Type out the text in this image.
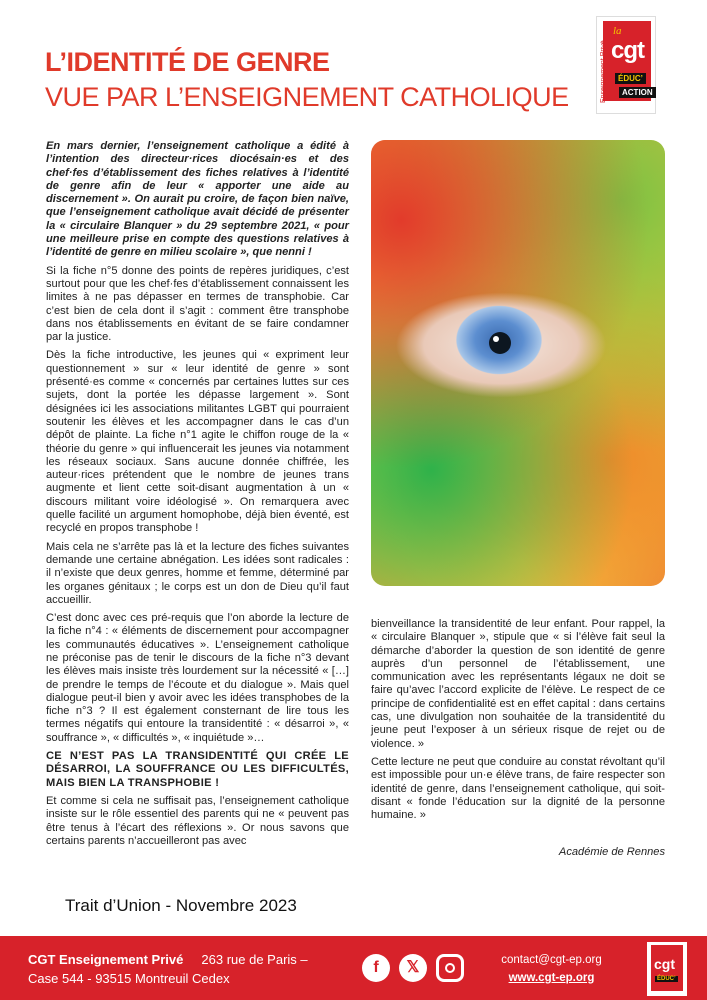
L’IDENTITÉ DE GENRE
VUE PAR L’ENSEIGNEMENT CATHOLIQUE	Enseignement Privé
la
cgt
ÉDUC’
ACTION

En mars dernier, l’enseignement catholique a édité à l’intention des directeur·rices diocésain·es et des chef·fes d’établissement des fiches relatives à l’identité de genre afin de leur « apporter une aide au discernement ». On aurait pu croire, de façon bien naïve, que l’enseignement catholique avait décidé de présenter la « circulaire Blanquer » du 29 septembre 2021, « pour une meilleure prise en compte des questions relatives à l’identité de genre en milieu scolaire », que nenni !

Si la fiche n°5 donne des points de repères juridiques, c’est surtout pour que les chef·fes d’établissement connaissent les limites à ne pas dépasser en termes de transphobie. Car c’est bien de cela dont il s’agit : comment être transphobe dans nos établissements en évitant de se faire condamner par la justice.

Dès la fiche introductive, les jeunes qui « expriment leur questionnement » sur « leur identité de genre » sont présenté·es comme « concernés par certaines luttes sur ces sujets, dont la portée les dépasse largement ». Sont désignées ici les associations militantes LGBT qui pourraient soutenir les élèves et les accompagner dans le cas d’un dépôt de plainte. La fiche n°1 agite le chiffon rouge de la « théorie du genre » qui influencerait les jeunes via notamment les réseaux sociaux. Sans aucune donnée chiffrée, les auteur·rices prétendent que le nombre de jeunes trans augmente et lient cette soit-disant augmentation à un « discours militant voire idéologisé ». On remarquera avec quelle facilité un argument homophobe, déjà bien éventé, est recyclé en propos transphobe !

Mais cela ne s’arrête pas là et la lecture des fiches suivantes demande une certaine abnégation. Les idées sont radicales : il n’existe que deux genres, homme et femme, déterminé par les organes génitaux ; le corps est un don de Dieu qu’il faut accueillir.

C’est donc avec ces pré-requis que l’on aborde la lecture de la fiche n°4 : « éléments de discernement pour accompagner les communautés éducatives ». L’enseignement catholique ne préconise pas de tenir le discours de la fiche n°3 devant les élèves mais insiste très lourdement sur la nécessité « […] de prendre le temps de l’écoute et du dialogue ». Mais quel dialogue peut-il bien y avoir avec les idées transphobes de la fiche n°3 ? Il est également consternant de lire tous les termes négatifs qui entoure la transidentité : « désarroi », « souffrance », « difficultés », « inquiétude »…

CE N’EST PAS LA TRANSIDENTITÉ QUI CRÉE LE DÉSARROI, LA SOUFFRANCE OU LES DIFFICULTÉS, MAIS BIEN LA TRANSPHOBIE !

Et comme si cela ne suffisait pas, l’enseignement catholique insiste sur le rôle essentiel des parents qui ne « peuvent pas être tenus à l’écart des réflexions ». Or nous savons que certains parents n’accueilleront pas avec

bienveillance la transidentité de leur enfant. Pour rappel, la « circulaire Blanquer », stipule que « si l’élève fait seul la démarche d’aborder la question de son identité de genre auprès d’un personnel de l’établissement, une communication avec les représentants légaux ne doit se faire qu’avec l’accord explicite de l’élève. Le respect de ce principe de confidentialité est en effet capital : dans certains cas, une divulgation non souhaitée de la transidentité du jeune peut l’exposer à un sérieux risque de rejet ou de violence. »

Cette lecture ne peut que conduire au constat révoltant qu’il est impossible pour un·e élève trans, de faire respecter son identité de genre, dans l’enseignement catholique, qui soit-disant « fonde l’éducation sur la dignité de la personne humaine. »

Académie de Rennes

Trait d’Union - Novembre 2023
CGT Enseignement Privé 263 rue de Paris –
Case 544 - 93515 Montreuil Cedex
f	𝕏	contact@cgt-ep.org
www.cgt-ep.org
cgt
ÉDUC’
